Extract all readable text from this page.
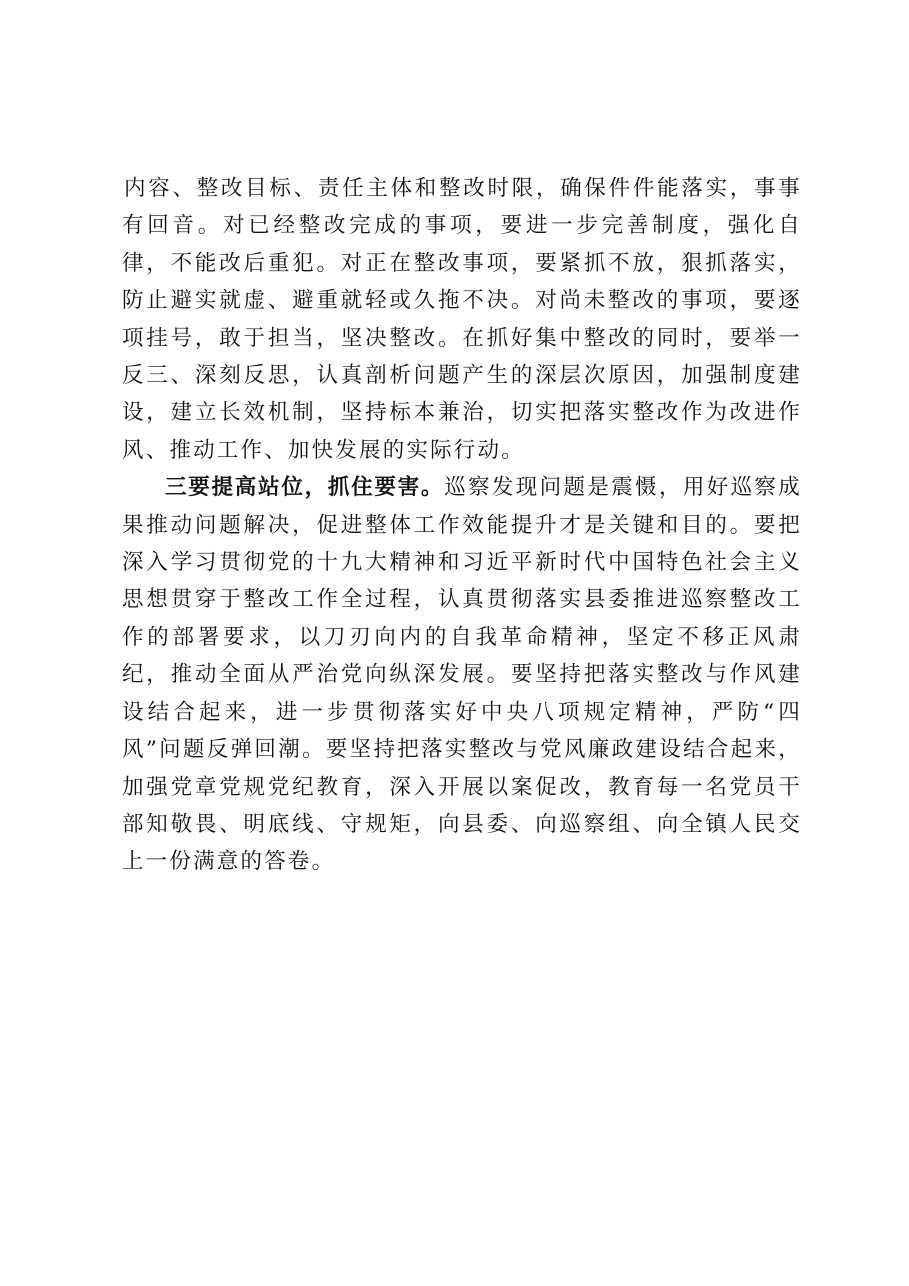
内容、整改目标、责任主体和整改时限，确保件件能落实，事事有回音。对已经整改完成的事项，要进一步完善制度，强化自律，不能改后重犯。对正在整改事项，要紧抓不放，狠抓落实，防止避实就虚、避重就轻或久拖不决。对尚未整改的事项，要逐项挂号，敢于担当，坚决整改。在抓好集中整改的同时，要举一反三、深刻反思，认真剖析问题产生的深层次原因，加强制度建设，建立长效机制，坚持标本兼治，切实把落实整改作为改进作风、推动工作、加快发展的实际行动。

三要提高站位，抓住要害。巡察发现问题是震慑，用好巡察成果推动问题解决，促进整体工作效能提升才是关键和目的。要把深入学习贯彻党的十九大精神和习近平新时代中国特色社会主义思想贯穿于整改工作全过程，认真贯彻落实县委推进巡察整改工作的部署要求，以刀刃向内的自我革命精神，坚定不移正风肃纪，推动全面从严治党向纵深发展。要坚持把落实整改与作风建设结合起来，进一步贯彻落实好中央八项规定精神，严防“四风”问题反弹回潮。要坚持把落实整改与党风廉政建设结合起来，加强党章党规党纪教育，深入开展以案促改，教育每一名党员干部知敬畏、明底线、守规矩，向县委、向巡察组、向全镇人民交上一份满意的答卷。
